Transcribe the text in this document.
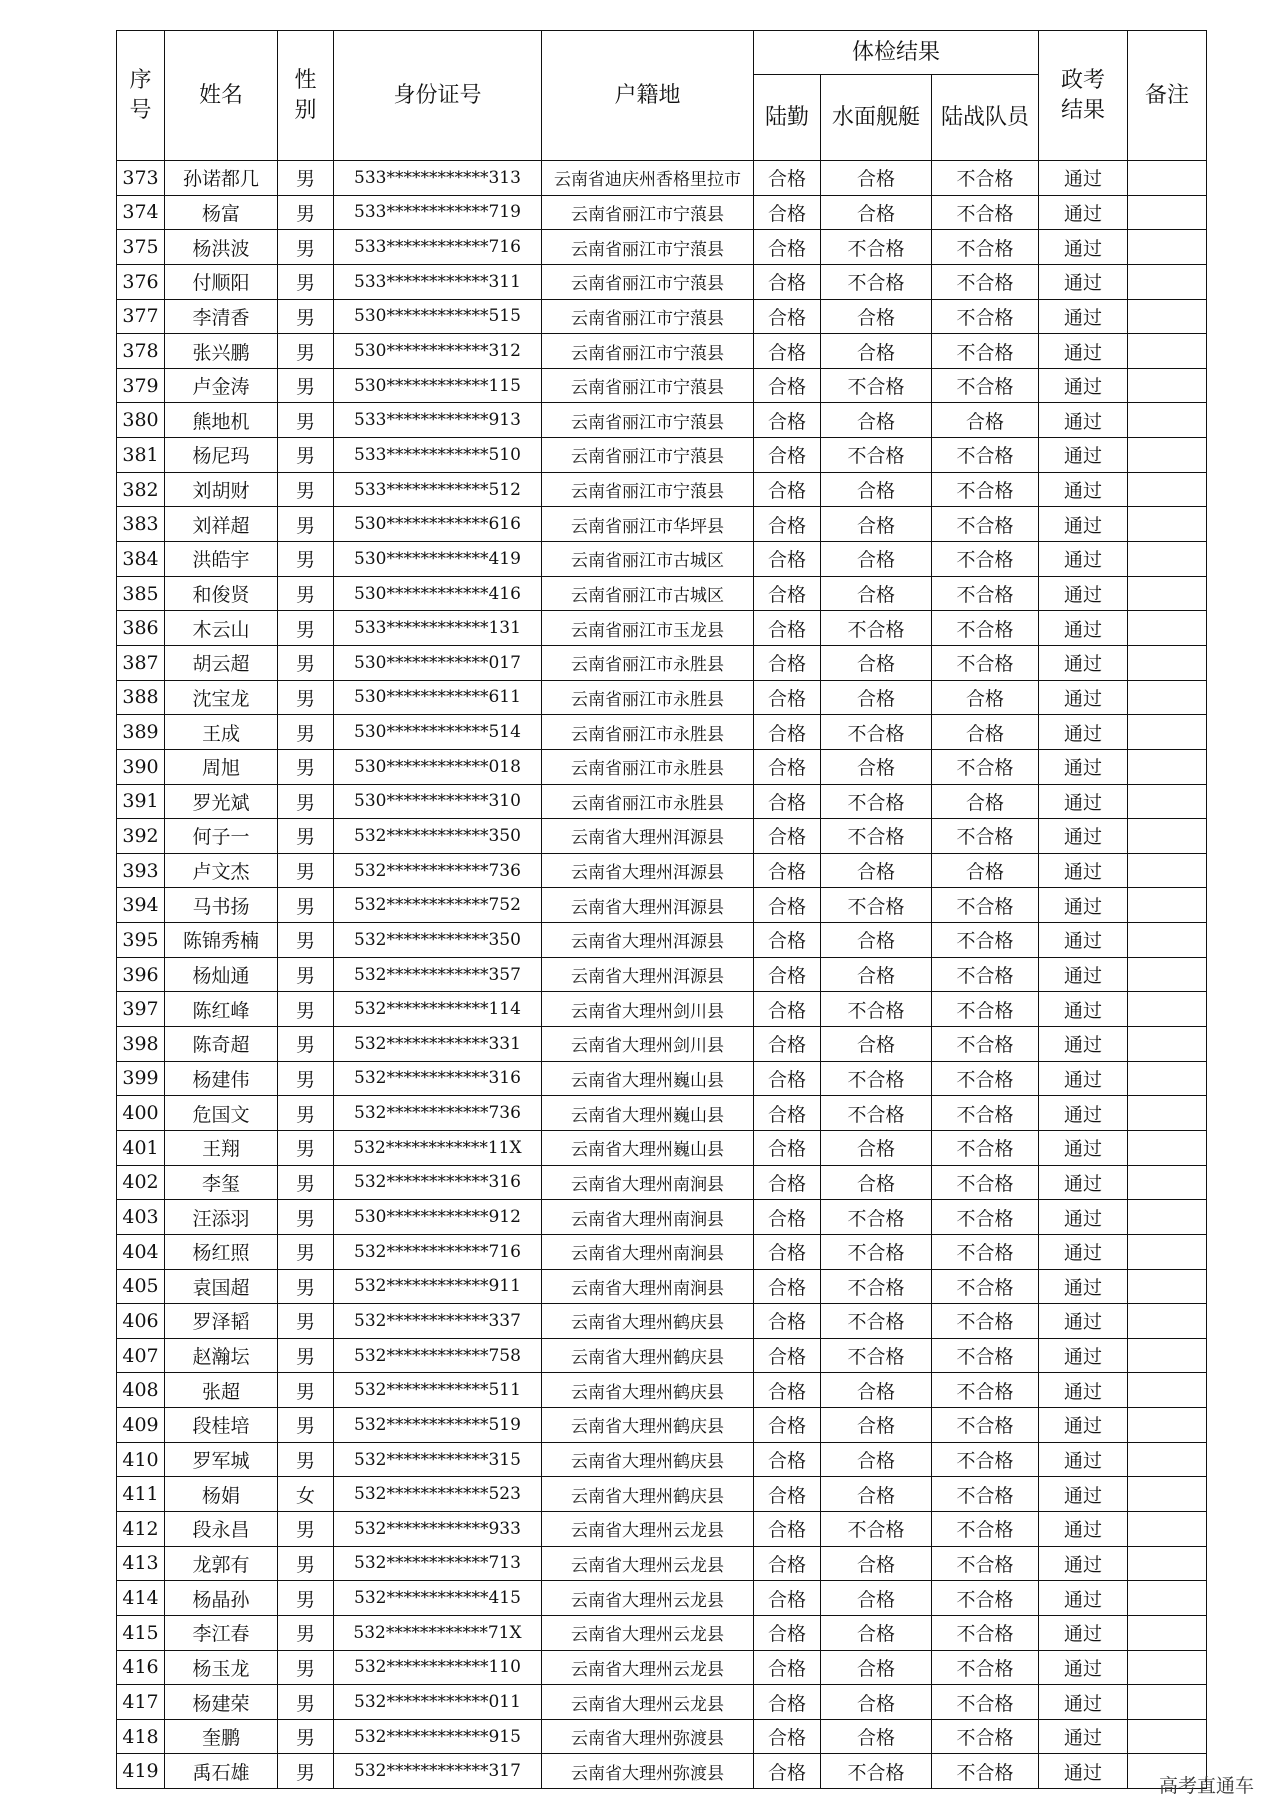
序号	姓名	性别	身份证号	户籍地	体检结果			政考结果	备注
					陆勤	水面舰艇	陆战队员		
373	孙诺都几	男	533************313	云南省迪庆州香格里拉市	合格	合格	不合格	通过	
374	杨富	男	533************719	云南省丽江市宁蒗县	合格	合格	不合格	通过	
375	杨洪波	男	533************716	云南省丽江市宁蒗县	合格	不合格	不合格	通过	
376	付顺阳	男	533************311	云南省丽江市宁蒗县	合格	不合格	不合格	通过	
377	李清香	男	530************515	云南省丽江市宁蒗县	合格	合格	不合格	通过	
378	张兴鹏	男	530************312	云南省丽江市宁蒗县	合格	合格	不合格	通过	
379	卢金涛	男	530************115	云南省丽江市宁蒗县	合格	不合格	不合格	通过	
380	熊地机	男	533************913	云南省丽江市宁蒗县	合格	合格	合格	通过	
381	杨尼玛	男	533************510	云南省丽江市宁蒗县	合格	不合格	不合格	通过	
382	刘胡财	男	533************512	云南省丽江市宁蒗县	合格	合格	不合格	通过	
383	刘祥超	男	530************616	云南省丽江市华坪县	合格	合格	不合格	通过	
384	洪皓宇	男	530************419	云南省丽江市古城区	合格	合格	不合格	通过	
385	和俊贤	男	530************416	云南省丽江市古城区	合格	合格	不合格	通过	
386	木云山	男	533************131	云南省丽江市玉龙县	合格	不合格	不合格	通过	
387	胡云超	男	530************017	云南省丽江市永胜县	合格	合格	不合格	通过	
388	沈宝龙	男	530************611	云南省丽江市永胜县	合格	合格	合格	通过	
389	王成	男	530************514	云南省丽江市永胜县	合格	不合格	合格	通过	
390	周旭	男	530************018	云南省丽江市永胜县	合格	合格	不合格	通过	
391	罗光斌	男	530************310	云南省丽江市永胜县	合格	不合格	合格	通过	
392	何子一	男	532************350	云南省大理州洱源县	合格	不合格	不合格	通过	
393	卢文杰	男	532************736	云南省大理州洱源县	合格	合格	合格	通过	
394	马书扬	男	532************752	云南省大理州洱源县	合格	不合格	不合格	通过	
395	陈锦秀楠	男	532************350	云南省大理州洱源县	合格	合格	不合格	通过	
396	杨灿通	男	532************357	云南省大理州洱源县	合格	合格	不合格	通过	
397	陈红峰	男	532************114	云南省大理州剑川县	合格	不合格	不合格	通过	
398	陈奇超	男	532************331	云南省大理州剑川县	合格	合格	不合格	通过	
399	杨建伟	男	532************316	云南省大理州巍山县	合格	不合格	不合格	通过	
400	危国文	男	532************736	云南省大理州巍山县	合格	不合格	不合格	通过	
401	王翔	男	532************11X	云南省大理州巍山县	合格	合格	不合格	通过	
402	李玺	男	532************316	云南省大理州南涧县	合格	合格	不合格	通过	
403	汪添羽	男	530************912	云南省大理州南涧县	合格	不合格	不合格	通过	
404	杨红照	男	532************716	云南省大理州南涧县	合格	不合格	不合格	通过	
405	袁国超	男	532************911	云南省大理州南涧县	合格	不合格	不合格	通过	
406	罗泽韬	男	532************337	云南省大理州鹤庆县	合格	不合格	不合格	通过	
407	赵瀚坛	男	532************758	云南省大理州鹤庆县	合格	不合格	不合格	通过	
408	张超	男	532************511	云南省大理州鹤庆县	合格	合格	不合格	通过	
409	段桂培	男	532************519	云南省大理州鹤庆县	合格	合格	不合格	通过	
410	罗军城	男	532************315	云南省大理州鹤庆县	合格	合格	不合格	通过	
411	杨娟	女	532************523	云南省大理州鹤庆县	合格	合格	不合格	通过	
412	段永昌	男	532************933	云南省大理州云龙县	合格	不合格	不合格	通过	
413	龙郭有	男	532************713	云南省大理州云龙县	合格	合格	不合格	通过	
414	杨晶孙	男	532************415	云南省大理州云龙县	合格	合格	不合格	通过	
415	李江春	男	532************71X	云南省大理州云龙县	合格	合格	不合格	通过	
416	杨玉龙	男	532************110	云南省大理州云龙县	合格	合格	不合格	通过	
417	杨建荣	男	532************011	云南省大理州云龙县	合格	合格	不合格	通过	
418	奎鹏	男	532************915	云南省大理州弥渡县	合格	合格	不合格	通过	
419	禹石雄	男	532************317	云南省大理州弥渡县	合格	不合格	不合格	通过	
高考直通车
